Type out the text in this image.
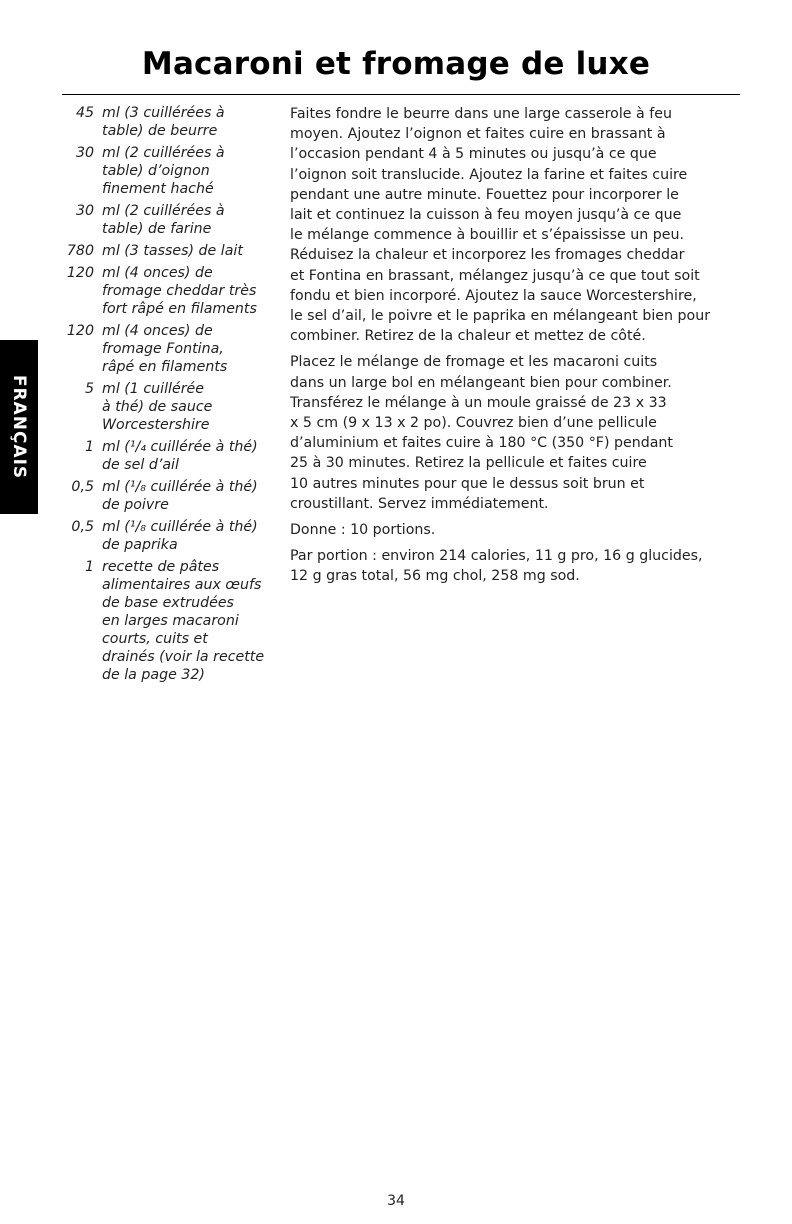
Macaroni et fromage de luxe
FRANÇAIS
45 ml (3 cuillérées à
table) de beurre
30 ml (2 cuillérées à
table) d’oignon
finement haché
30 ml (2 cuillérées à
table) de farine
780 ml (3 tasses) de lait
120 ml (4 onces) de
fromage cheddar très
fort râpé en filaments
120 ml (4 onces) de
fromage Fontina,
râpé en filaments
5 ml (1 cuillérée
à thé) de sauce
Worcestershire
1 ml (¹/₄ cuillérée à thé)
de sel d’ail
0,5 ml (¹/₈ cuillérée à thé)
de poivre
0,5 ml (¹/₈ cuillérée à thé)
de paprika
1 recette de pâtes
alimentaires aux œufs
de base extrudées
en larges macaroni
courts, cuits et
drainés (voir la recette
de la page 32)

Faites fondre le beurre dans une large casserole à feu
moyen. Ajoutez l’oignon et faites cuire en brassant à
l’occasion pendant 4 à 5 minutes ou jusqu’à ce que
l’oignon soit translucide. Ajoutez la farine et faites cuire
pendant une autre minute. Fouettez pour incorporer le
lait et continuez la cuisson à feu moyen jusqu’à ce que
le mélange commence à bouillir et s’épaississe un peu.
Réduisez la chaleur et incorporez les fromages cheddar
et Fontina en brassant, mélangez jusqu’à ce que tout soit
fondu et bien incorporé. Ajoutez la sauce Worcestershire,
le sel d’ail, le poivre et le paprika en mélangeant bien pour
combiner. Retirez de la chaleur et mettez de côté.

Placez le mélange de fromage et les macaroni cuits
dans un large bol en mélangeant bien pour combiner.
Transférez le mélange à un moule graissé de 23 x 33
x 5 cm (9 x 13 x 2 po). Couvrez bien d’une pellicule
d’aluminium et faites cuire à 180 °C (350 °F) pendant
25 à 30 minutes. Retirez la pellicule et faites cuire
10 autres minutes pour que le dessus soit brun et
croustillant. Servez immédiatement.

Donne : 10 portions.

Par portion : environ 214 calories, 11 g pro, 16 g glucides,
12 g gras total, 56 mg chol, 258 mg sod.

34
